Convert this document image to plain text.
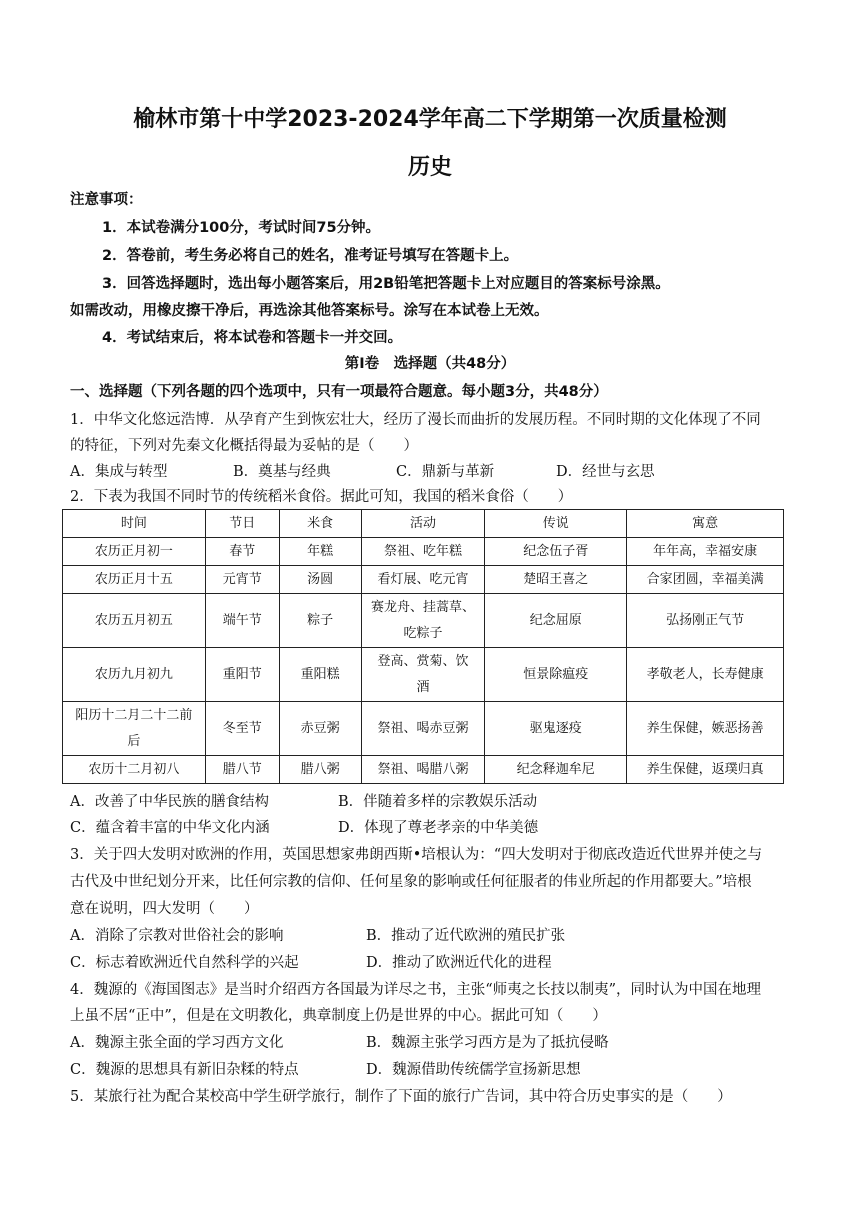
榆林市第十中学2023-2024学年高二下学期第一次质量检测
历史
注意事项：
1．本试卷满分100分，考试时间75分钟。
2．答卷前，考生务必将自己的姓名，准考证号填写在答题卡上。
3．回答选择题时，选出每小题答案后，用2B铅笔把答题卡上对应题目的答案标号涂黑。
如需改动，用橡皮擦干净后，再选涂其他答案标号。涂写在本试卷上无效。
4．考试结束后，将本试卷和答题卡一并交回。
第Ⅰ卷　选择题（共48分）
一、选择题（下列各题的四个选项中，只有一项最符合题意。每小题3分，共48分）
1．中华文化悠远浩博．从孕育产生到恢宏壮大，经历了漫长而曲折的发展历程。不同时期的文化体现了不同
的特征，下列对先秦文化概括得最为妥帖的是（　　）
A．集成与转型	B．奠基与经典	C．鼎新与革新	D．经世与玄思
2．下表为我国不同时节的传统稻米食俗。据此可知，我国的稻米食俗（　　）
时间	节日	米食	活动	传说	寓意
农历正月初一	春节	年糕	祭祖、吃年糕	纪念伍子胥	年年高，幸福安康
农历正月十五	元宵节	汤圆	看灯展、吃元宵	楚昭王喜之	合家团圆，幸福美满
农历五月初五	端午节	粽子	赛龙舟、挂蒿草、吃粽子	纪念屈原	弘扬刚正气节
农历九月初九	重阳节	重阳糕	登高、赏菊、饮酒	恒景除瘟疫	孝敬老人，长寿健康
阳历十二月二十二前后	冬至节	赤豆粥	祭祖、喝赤豆粥	驱鬼逐疫	养生保健，嫉恶扬善
农历十二月初八	腊八节	腊八粥	祭祖、喝腊八粥	纪念释迦牟尼	养生保健，返璞归真
A．改善了中华民族的膳食结构	B．伴随着多样的宗教娱乐活动
C．蕴含着丰富的中华文化内涵	D．体现了尊老孝亲的中华美德
3．关于四大发明对欧洲的作用，英国思想家弗朗西斯•培根认为：“四大发明对于彻底改造近代世界并使之与
古代及中世纪划分开来，比任何宗教的信仰、任何星象的影响或任何征服者的伟业所起的作用都要大。”培根
意在说明，四大发明（　　）
A．消除了宗教对世俗社会的影响	B．推动了近代欧洲的殖民扩张
C．标志着欧洲近代自然科学的兴起	D．推动了欧洲近代化的进程
4．魏源的《海国图志》是当时介绍西方各国最为详尽之书，主张“师夷之长技以制夷”，同时认为中国在地理
上虽不居“正中”，但是在文明教化，典章制度上仍是世界的中心。据此可知（　　）
A．魏源主张全面的学习西方文化	B．魏源主张学习西方是为了抵抗侵略
C．魏源的思想具有新旧杂糅的特点	D．魏源借助传统儒学宣扬新思想
5．某旅行社为配合某校高中学生研学旅行，制作了下面的旅行广告词，其中符合历史事实的是（　　）
